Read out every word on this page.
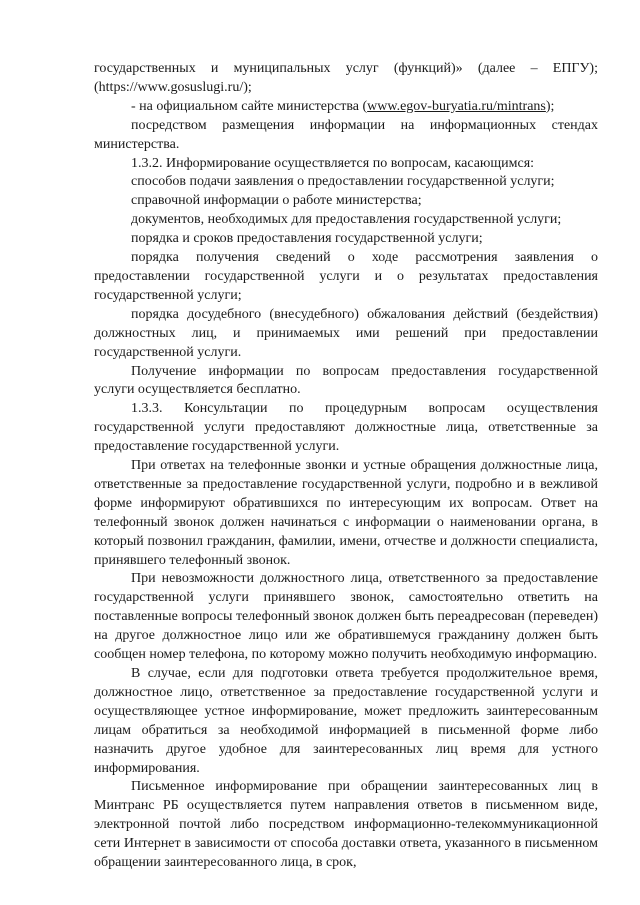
государственных и муниципальных услуг (функций)» (далее – ЕПГУ); (https://www.gosuslugi.ru/);

- на официальном сайте министерства (www.egov-buryatia.ru/mintrans);

посредством размещения информации на информационных стендах министерства.

1.3.2. Информирование осуществляется по вопросам, касающимся:

способов подачи заявления о предоставлении государственной услуги;

справочной информации о работе министерства;

документов, необходимых для предоставления государственной услуги;

порядка и сроков предоставления государственной услуги;

порядка получения сведений о ходе рассмотрения заявления о предоставлении государственной услуги и о результатах предоставления государственной услуги;

порядка досудебного (внесудебного) обжалования действий (бездействия) должностных лиц, и принимаемых ими решений при предоставлении государственной услуги.

Получение информации по вопросам предоставления государственной услуги осуществляется бесплатно.

1.3.3. Консультации по процедурным вопросам осуществления государственной услуги предоставляют должностные лица, ответственные за предоставление государственной услуги.

При ответах на телефонные звонки и устные обращения должностные лица, ответственные за предоставление государственной услуги, подробно и в вежливой форме информируют обратившихся по интересующим их вопросам. Ответ на телефонный звонок должен начинаться с информации о наименовании органа, в который позвонил гражданин, фамилии, имени, отчестве и должности специалиста, принявшего телефонный звонок.

При невозможности должностного лица, ответственного за предоставление государственной услуги принявшего звонок, самостоятельно ответить на поставленные вопросы телефонный звонок должен быть переадресован (переведен) на другое должностное лицо или же обратившемуся гражданину должен быть сообщен номер телефона, по которому можно получить необходимую информацию.

В случае, если для подготовки ответа требуется продолжительное время, должностное лицо, ответственное за предоставление государственной услуги и осуществляющее устное информирование, может предложить заинтересованным лицам обратиться за необходимой информацией в письменной форме либо назначить другое удобное для заинтересованных лиц время для устного информирования.

Письменное информирование при обращении заинтересованных лиц в Минтранс РБ осуществляется путем направления ответов в письменном виде, электронной почтой либо посредством информационно-телекоммуникационной сети Интернет в зависимости от способа доставки ответа, указанного в письменном обращении заинтересованного лица, в срок,
